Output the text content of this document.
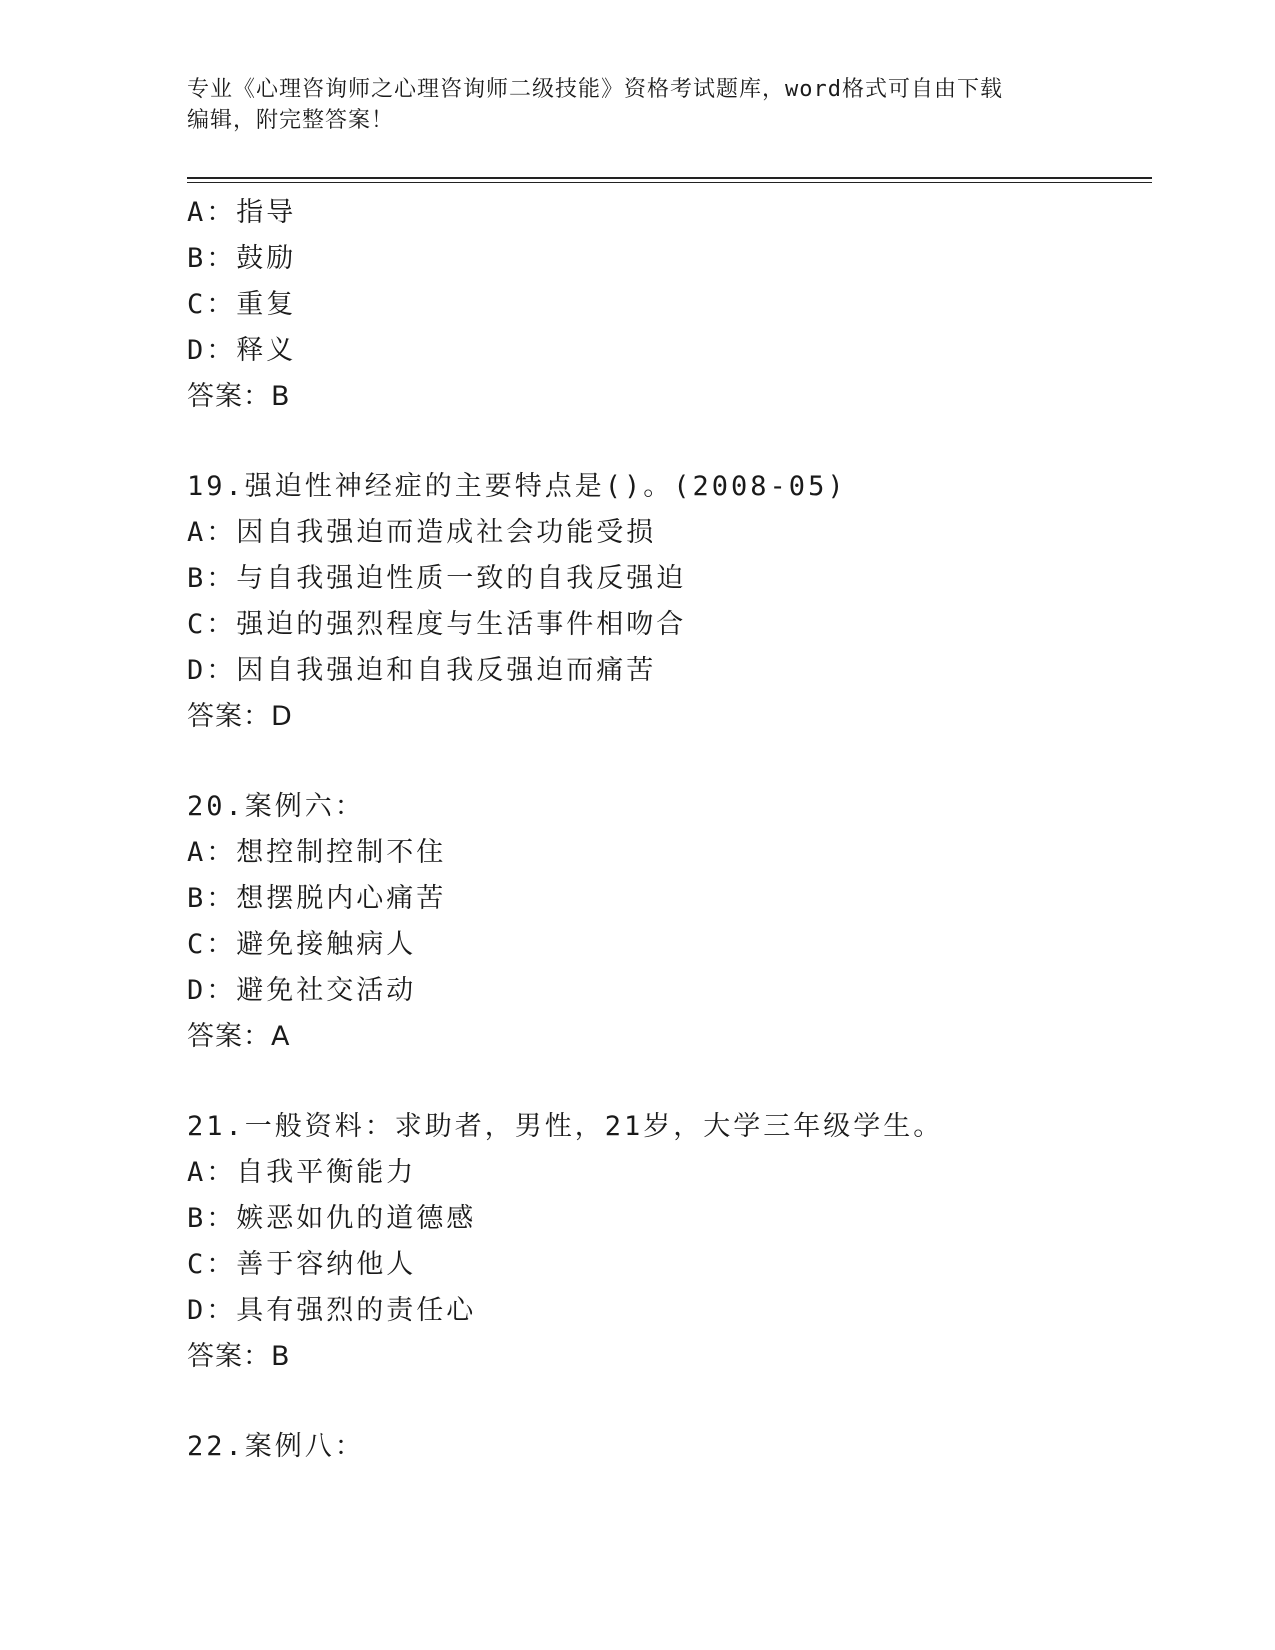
专业《心理咨询师之心理咨询师二级技能》资格考试题库，word格式可自由下载
编辑，附完整答案！
A：指导
B：鼓励
C：重复
D：释义
答案：B
19.强迫性神经症的主要特点是()。(2008-05)
A：因自我强迫而造成社会功能受损
B：与自我强迫性质一致的自我反强迫
C：强迫的强烈程度与生活事件相吻合
D：因自我强迫和自我反强迫而痛苦
答案：D
20.案例六：
A：想控制控制不住
B：想摆脱内心痛苦
C：避免接触病人
D：避免社交活动
答案：A
21.一般资料：求助者，男性，21岁，大学三年级学生。
A：自我平衡能力
B：嫉恶如仇的道德感
C：善于容纳他人
D：具有强烈的责任心
答案：B
22.案例八：
